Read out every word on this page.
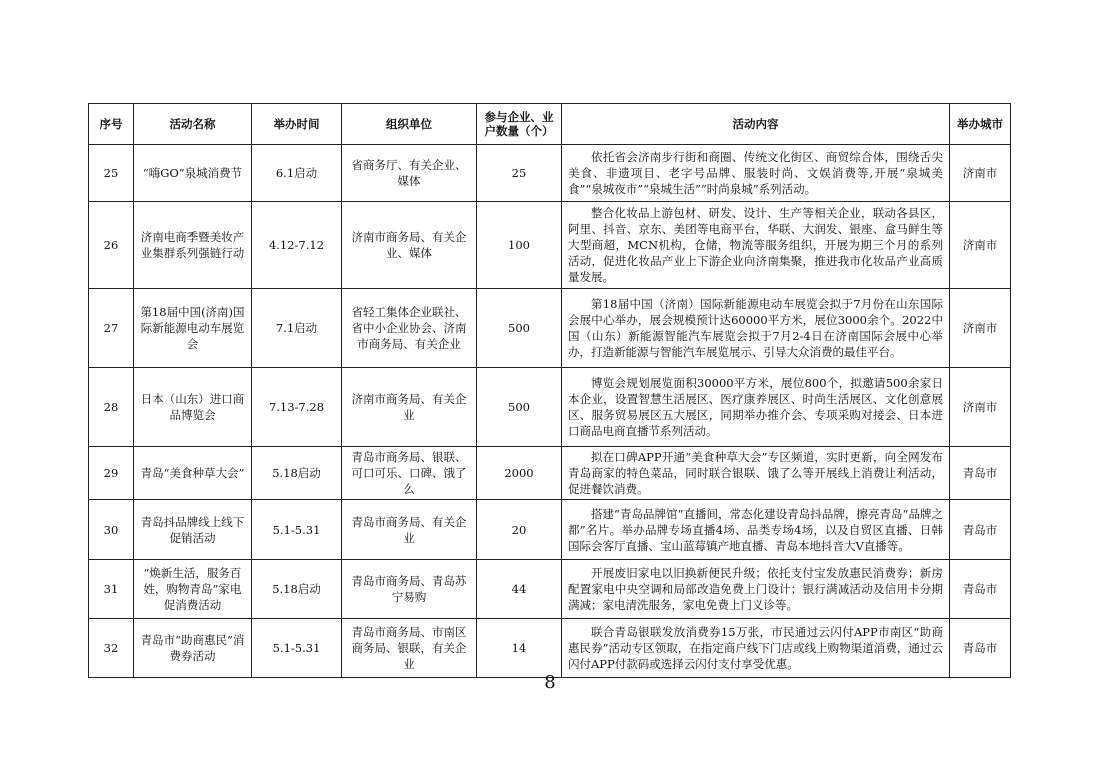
序号	活动名称	举办时间	组织单位	参与企业、业户数量（个）	活动内容	举办城市
25	“嗨GO”泉城消费节	6.1启动	省商务厅、有关企业、媒体	25	依托省会济南步行街和商圈、传统文化街区、商贸综合体，围绕舌尖美食、非遗项目、老字号品牌、服装时尚、文娱消费等,开展“泉城美食”“泉城夜市”“泉城生活”“时尚泉城”系列活动。	济南市
26	济南电商季暨美妆产业集群系列强链行动	4.12-7.12	济南市商务局、有关企业、媒体	100	整合化妆品上游包材、研发、设计、生产等相关企业，联动各县区，阿里、抖音、京东、美团等电商平台，华联、大润发、银座、盒马鲜生等大型商超，MCN机构，仓储，物流等服务组织，开展为期三个月的系列活动，促进化妆品产业上下游企业向济南集聚，推进我市化妆品产业高质量发展。	济南市
27	第18届中国(济南)国际新能源电动车展览会	7.1启动	省轻工集体企业联社、省中小企业协会、济南市商务局、有关企业	500	第18届中国（济南）国际新能源电动车展览会拟于7月份在山东国际会展中心举办，展会规模预计达60000平方米，展位3000余个。2022中国（山东）新能源智能汽车展览会拟于7月2-4日在济南国际会展中心举办，打造新能源与智能汽车展览展示、引导大众消费的最佳平台。	济南市
28	日本（山东）进口商品博览会	7.13-7.28	济南市商务局、有关企业	500	博览会规划展览面积30000平方米，展位800个，拟邀请500余家日本企业，设置智慧生活展区、医疗康养展区、时尚生活展区、文化创意展区、服务贸易展区五大展区，同期举办推介会、专项采购对接会、日本进口商品电商直播节系列活动。	济南市
29	青岛“美食种草大会”	5.18启动	青岛市商务局、银联、可口可乐、口碑、饿了么	2000	拟在口碑APP开通“美食种草大会”专区频道，实时更新，向全网发布青岛商家的特色菜品，同时联合银联、饿了么等开展线上消费让利活动，促进餐饮消费。	青岛市
30	青岛抖品牌线上线下促销活动	5.1-5.31	青岛市商务局、有关企业	20	搭建“青岛品牌馆”直播间，常态化建设青岛抖品牌，擦亮青岛“品牌之都”名片。举办品牌专场直播4场、品类专场4场，以及自贸区直播、日韩国际会客厅直播、宝山蓝莓镇产地直播、青岛本地抖音大V直播等。	青岛市
31	“焕新生活，服务百姓，购物青岛”家电促消费活动	5.18启动	青岛市商务局、青岛苏宁易购	44	开展废旧家电以旧换新便民升级；依托支付宝发放惠民消费券；新房配置家电中央空调和局部改造免费上门设计；银行满减活动及信用卡分期满减；家电清洗服务，家电免费上门义诊等。	青岛市
32	青岛市“助商惠民”消费券活动	5.1-5.31	青岛市商务局、市南区商务局、银联，有关企业	14	联合青岛银联发放消费券15万张，市民通过云闪付APP市南区“助商惠民券”活动专区领取，在指定商户线下门店或线上购物渠道消费，通过云闪付APP付款码或选择云闪付支付享受优惠。	青岛市
8
